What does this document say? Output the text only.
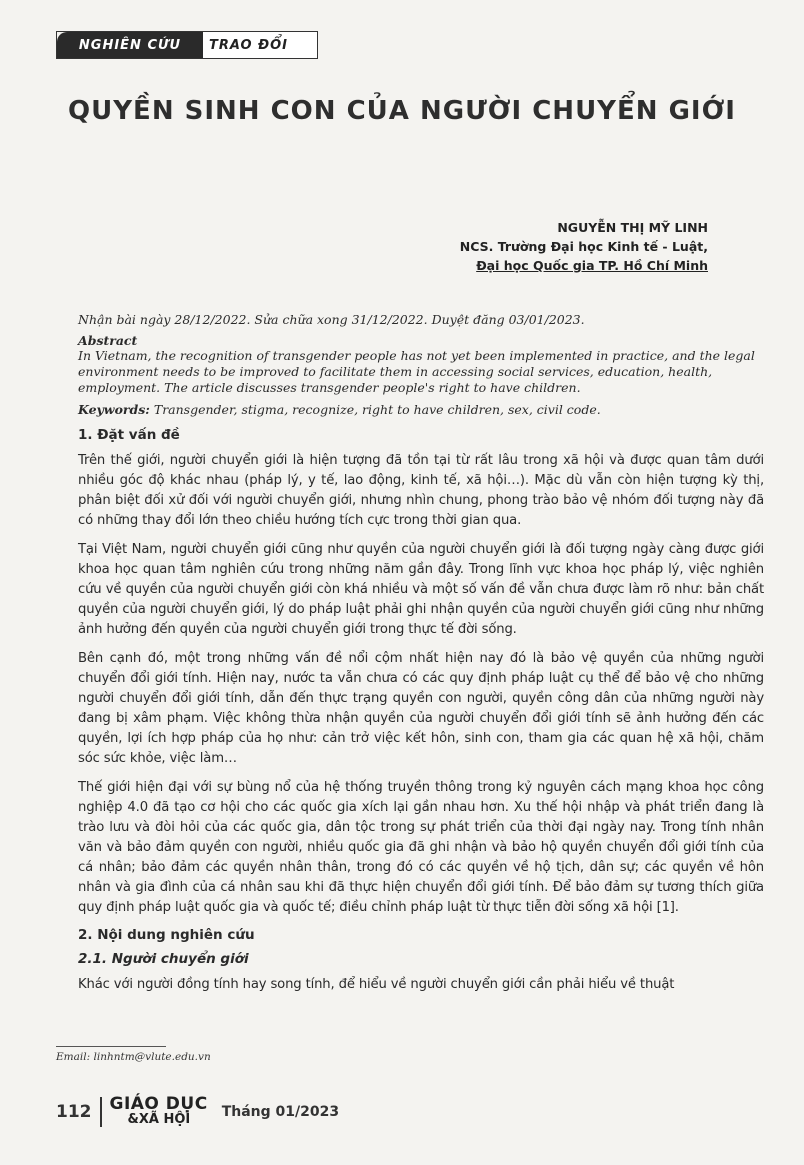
NGHIÊN CỨU	TRAO ĐỔI
QUYỀN SINH CON CỦA NGƯỜI CHUYỂN GIỚI
NGUYỄN THỊ MỸ LINH
NCS. Trường Đại học Kinh tế - Luật,
Đại học Quốc gia TP. Hồ Chí Minh

Nhận bài ngày 28/12/2022. Sửa chữa xong 31/12/2022. Duyệt đăng 03/01/2023.

Abstract

In Vietnam, the recognition of transgender people has not yet been implemented in practice, and the legal environment needs to be improved to facilitate them in accessing social services, education, health, employment. The article discusses transgender people's right to have children.

Keywords: Transgender, stigma, recognize, right to have children, sex, civil code.

1. Đặt vấn đề

Trên thế giới, người chuyển giới là hiện tượng đã tồn tại từ rất lâu trong xã hội và được quan tâm dưới nhiều góc độ khác nhau (pháp lý, y tế, lao động, kinh tế, xã hội…). Mặc dù vẫn còn hiện tượng kỳ thị, phân biệt đối xử đối với người chuyển giới, nhưng nhìn chung, phong trào bảo vệ nhóm đối tượng này đã có những thay đổi lớn theo chiều hướng tích cực trong thời gian qua.

Tại Việt Nam, người chuyển giới cũng như quyền của người chuyển giới là đối tượng ngày càng được giới khoa học quan tâm nghiên cứu trong những năm gần đây. Trong lĩnh vực khoa học pháp lý, việc nghiên cứu về quyền của người chuyển giới còn khá nhiều và một số vấn đề vẫn chưa được làm rõ như: bản chất quyền của người chuyển giới, lý do pháp luật phải ghi nhận quyền của người chuyển giới cũng như những ảnh hưởng đến quyền của người chuyển giới trong thực tế đời sống.

Bên cạnh đó, một trong những vấn đề nổi cộm nhất hiện nay đó là bảo vệ quyền của những người chuyển đổi giới tính. Hiện nay, nước ta vẫn chưa có các quy định pháp luật cụ thể để bảo vệ cho những người chuyển đổi giới tính, dẫn đến thực trạng quyền con người, quyền công dân của những người này đang bị xâm phạm. Việc không thừa nhận quyền của người chuyển đổi giới tính sẽ ảnh hưởng đến các quyền, lợi ích hợp pháp của họ như: cản trở việc kết hôn, sinh con, tham gia các quan hệ xã hội, chăm sóc sức khỏe, việc làm…

Thế giới hiện đại với sự bùng nổ của hệ thống truyền thông trong kỷ nguyên cách mạng khoa học công nghiệp 4.0 đã tạo cơ hội cho các quốc gia xích lại gần nhau hơn. Xu thế hội nhập và phát triển đang là trào lưu và đòi hỏi của các quốc gia, dân tộc trong sự phát triển của thời đại ngày nay. Trong tính nhân văn và bảo đảm quyền con người, nhiều quốc gia đã ghi nhận và bảo hộ quyền chuyển đổi giới tính của cá nhân; bảo đảm các quyền nhân thân, trong đó có các quyền về hộ tịch, dân sự; các quyền về hôn nhân và gia đình của cá nhân sau khi đã thực hiện chuyển đổi giới tính. Để bảo đảm sự tương thích giữa quy định pháp luật quốc gia và quốc tế; điều chỉnh pháp luật từ thực tiễn đời sống xã hội [1].

2. Nội dung nghiên cứu

2.1. Người chuyển giới

Khác với người đồng tính hay song tính, để hiểu về người chuyển giới cần phải hiểu về thuật

Email: linhntm@vlute.edu.vn
112 GIÁO DỤC
&XÃ HỘI	Tháng 01/2023
